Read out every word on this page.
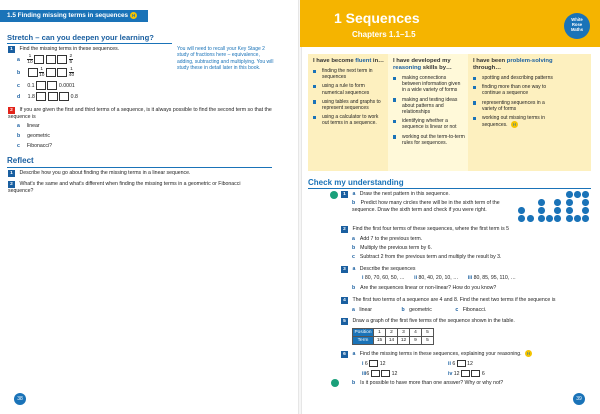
1.5 Finding missing terms in sequences H
Stretch – can you deepen your learning?
1 Find the missing terms in these sequences.
a $\frac{1}{10}$	$\frac{2}{5}$
b	$\frac{1}{10}$	$\frac{1}{40}$
c 0.1	0.0001
d 1.8	0.8
You will need to recall your Key Stage 2 study of fractions here – equivalence, adding, subtracting and multiplying. You will study these in detail later in this book.
2 If you are given the first and third terms of a sequence, is it always possible to find the second term so that the sequence is
a linear
b geometric
c Fibonacci?
Reflect
1 Describe how you go about finding the missing terms in a linear sequence.
2 What's the same and what's different when finding the missing terms in a geometric or Fibonacci sequence?
38
1 Sequences
Chapters 1.1–1.5
White
Rose
Maths
I have become fluent in…
finding the next term in sequences
using a rule to form numerical sequences
using tables and graphs to represent sequences
using a calculator to work out terms in a sequence.
I have developed my reasoning skills by…
making connections between information given in a wide variety of forms
making and testing ideas about patterns and relationships
identifying whether a sequence is linear or not
working out the term-to-term rules for sequences.
I have been problem-solving through…
spotting and describing patterns
finding more than one way to continue a sequence
representing sequences in a variety of forms
working out missing terms in sequences. H
Check my understanding
1 a Draw the next pattern in this sequence.
b Predict how many circles there will be in the sixth term of the sequence. Draw the sixth term and check if you were right.
2 Find the first four terms of these sequences, where the first term is 5
a Add 7 to the previous term.
b Multiply the previous term by 6.
c Subtract 2 from the previous term and multiply the result by 3.
3 a Describe the sequences
i 80, 70, 60, 50, … ii 80, 40, 20, 10, … iii 80, 85, 95, 110, …
b Are the sequences linear or non-linear? How do you know?
4 The first two terms of a sequence are 4 and 8. Find the next two terms if the sequence is
a linear	b geometric	c Fibonacci.
5 Draw a graph of the first five terms of the sequence shown in the table.
Position	1	2	3	4	5
Term	15	14	12	9	5
6 a Find the missing terms in these sequences, explaining your reasoning. H
i 6 12	ii 6 12
iii6	12	iv 12	6
b Is it possible to have more than one answer? Why or why not?
39
